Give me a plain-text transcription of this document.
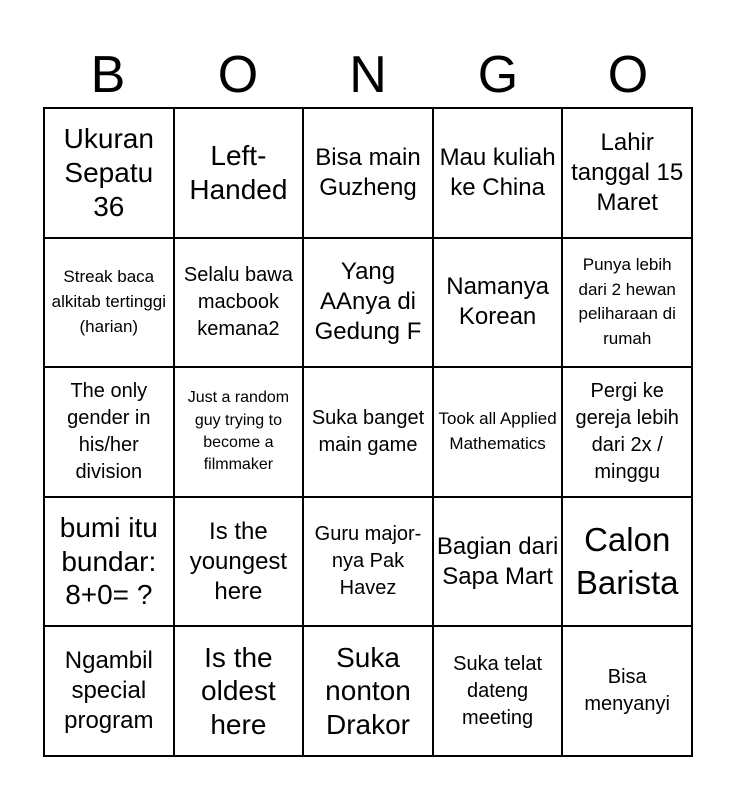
B	O	N	G	O
Ukuran Sepatu 36
Left-Handed
Bisa main Guzheng
Mau kuliah ke China
Lahir tanggal 15 Maret
Streak baca alkitab tertinggi (harian)
Selalu bawa macbook kemana2
Yang AAnya di Gedung F
Namanya Korean
Punya lebih dari 2 hewan peliharaan di rumah
The only gender in his/her division
Just a random guy trying to become a filmmaker
Suka banget main game
Took all Applied Mathematics
Pergi ke gereja lebih dari 2x / minggu
bumi itu bundar: 8+0= ?
Is the youngest here
Guru major-nya Pak Havez
Bagian dari Sapa Mart
Calon Barista
Ngambil special program
Is the oldest here
Suka nonton Drakor
Suka telat dateng meeting
Bisa menyanyi
